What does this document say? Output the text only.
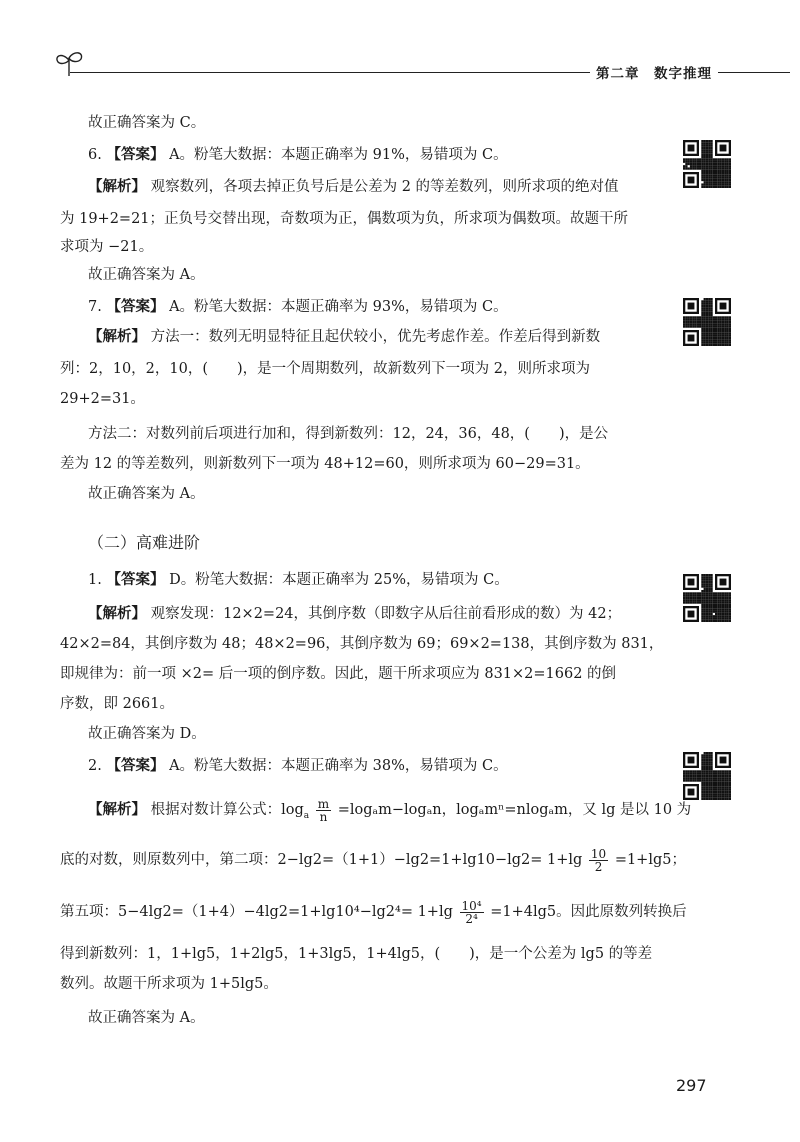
第二章　数字推理
故正确答案为 C。
6. 【答案】 A。粉笔大数据：本题正确率为 91%，易错项为 C。
【解析】 观察数列，各项去掉正负号后是公差为 2 的等差数列，则所求项的绝对值
为 19+2=21；正负号交替出现，奇数项为正，偶数项为负，所求项为偶数项。故题干所
求项为 −21。
故正确答案为 A。
7. 【答案】 A。粉笔大数据：本题正确率为 93%，易错项为 C。
【解析】 方法一：数列无明显特征且起伏较小，优先考虑作差。作差后得到新数
列：2，10，2，10，(　　)，是一个周期数列，故新数列下一项为 2，则所求项为
29+2=31。
方法二：对数列前后项进行加和，得到新数列：12，24，36，48，(　　)，是公
差为 12 的等差数列，则新数列下一项为 48+12=60，则所求项为 60−29=31。
故正确答案为 A。
（二）高难进阶
1. 【答案】 D。粉笔大数据：本题正确率为 25%，易错项为 C。
【解析】 观察发现：12×2=24，其倒序数（即数字从后往前看形成的数）为 42；
42×2=84，其倒序数为 48；48×2=96，其倒序数为 69；69×2=138，其倒序数为 831，
即规律为：前一项 ×2= 后一项的倒序数。因此，题干所求项应为 831×2=1662 的倒
序数，即 2661。
故正确答案为 D。
2. 【答案】 A。粉笔大数据：本题正确率为 38%，易错项为 C。
【解析】 根据对数计算公式：$\log_a \frac{m}{n} =\log_am-\log_an$，logₐmⁿ=nlogₐm，又 lg 是以 10 为
底的对数，则原数列中，第二项：$2-\lg 2=(1+1)-\lg 2=1+\lg 10-\lg 2= 1+\lg \frac{10}{2} =1+\lg 5$；
第五项：$5-4\lg 2=(1+4)-4\lg 2=1+\lg 10^4-\lg 2^4= 1+\lg \frac{\text{10⁴}}{\text{2⁴}} =1+4\lg 5$。因此原数列转换后
得到新数列：1，1+lg5，1+2lg5，1+3lg5，1+4lg5，(　　)，是一个公差为 lg5 的等差
数列。故题干所求项为 1+5lg5。
故正确答案为 A。
297
